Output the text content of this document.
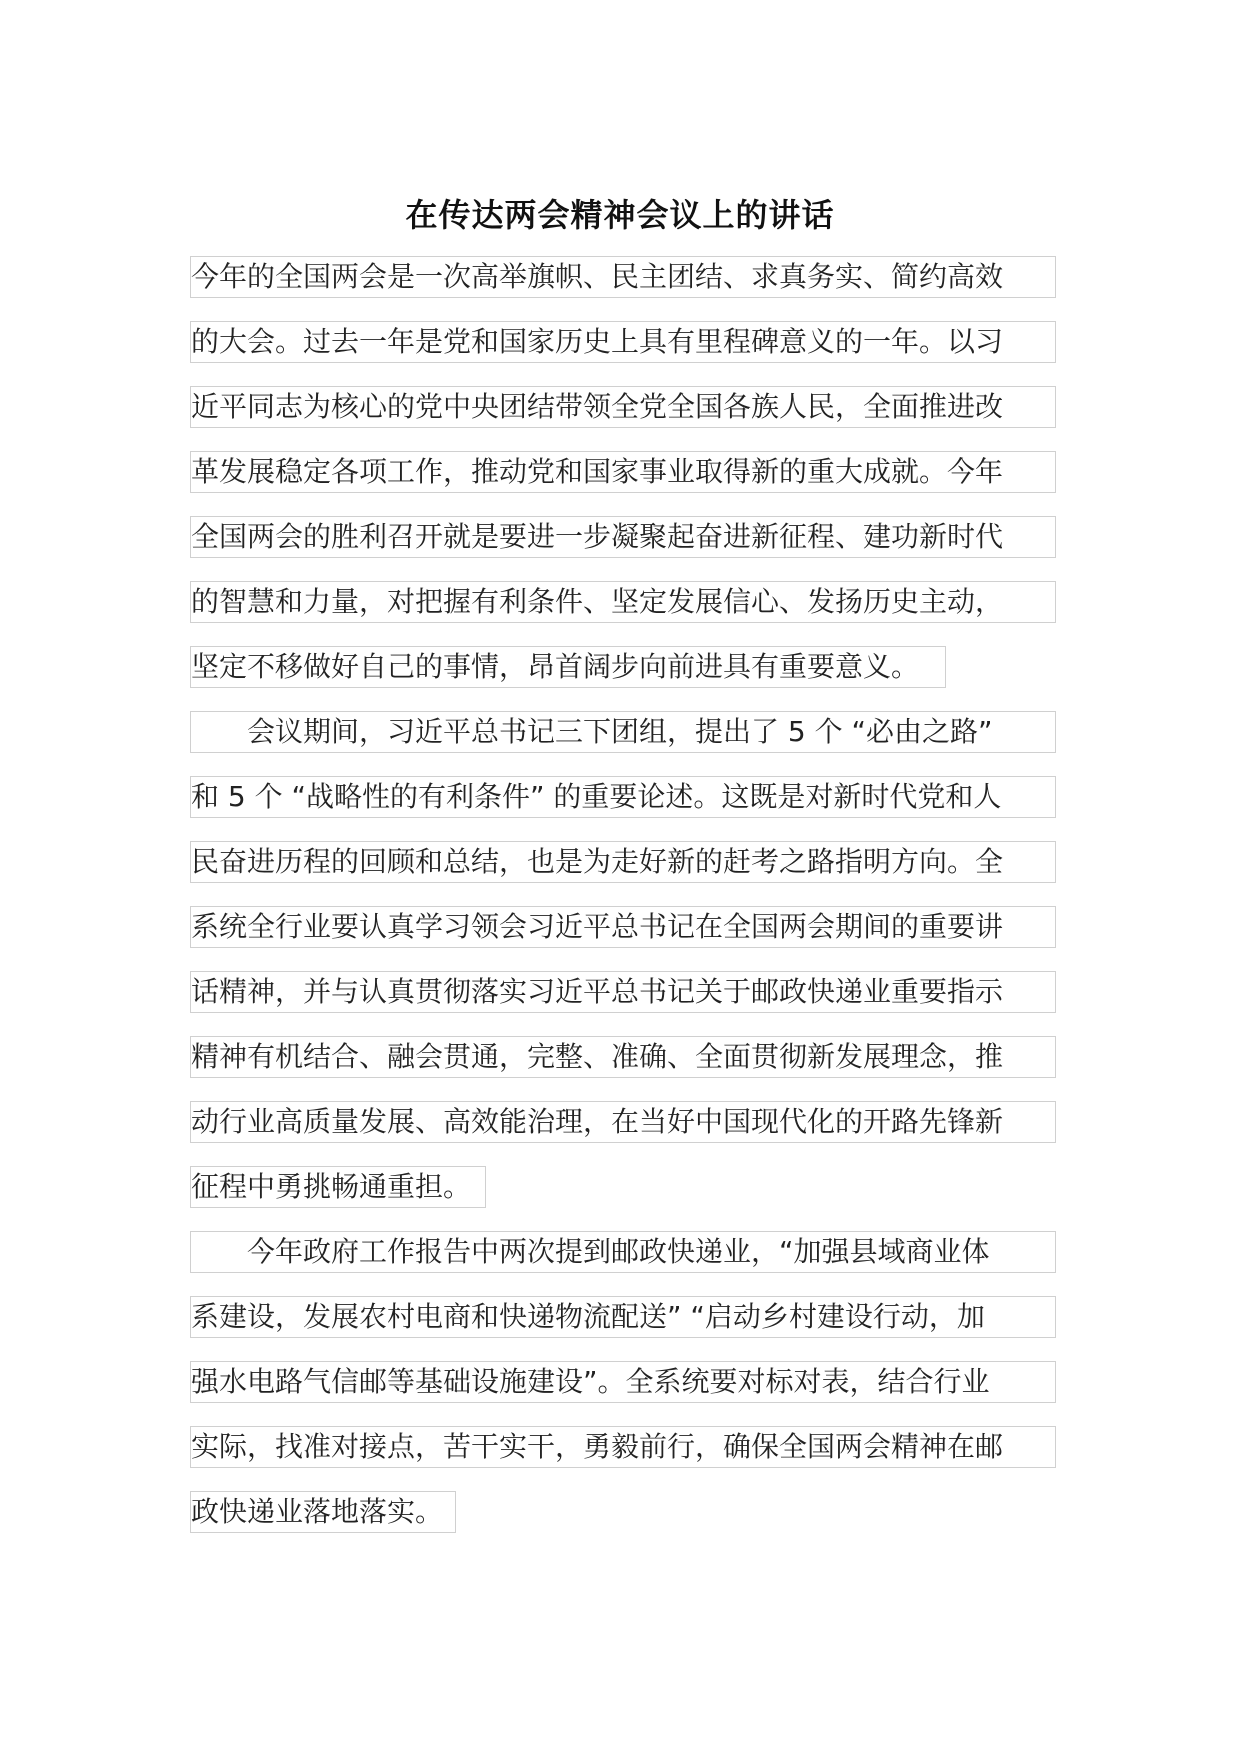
在传达两会精神会议上的讲话
今年的全国两会是一次高举旗帜、民主团结、求真务实、简约高效
的大会。过去一年是党和国家历史上具有里程碑意义的一年。以习
近平同志为核心的党中央团结带领全党全国各族人民，全面推进改
革发展稳定各项工作，推动党和国家事业取得新的重大成就。今年
全国两会的胜利召开就是要进一步凝聚起奋进新征程、建功新时代
的智慧和力量，对把握有利条件、坚定发展信心、发扬历史主动，
坚定不移做好自己的事情，昂首阔步向前进具有重要意义。
会议期间，习近平总书记三下团组，提出了 5 个 “必由之路”
和 5 个 “战略性的有利条件” 的重要论述。这既是对新时代党和人
民奋进历程的回顾和总结，也是为走好新的赶考之路指明方向。全
系统全行业要认真学习领会习近平总书记在全国两会期间的重要讲
话精神，并与认真贯彻落实习近平总书记关于邮政快递业重要指示
精神有机结合、融会贯通，完整、准确、全面贯彻新发展理念，推
动行业高质量发展、高效能治理，在当好中国现代化的开路先锋新
征程中勇挑畅通重担。
今年政府工作报告中两次提到邮政快递业，“加强县域商业体
系建设，发展农村电商和快递物流配送” “启动乡村建设行动，加
强水电路气信邮等基础设施建设”。全系统要对标对表，结合行业
实际，找准对接点，苦干实干，勇毅前行，确保全国两会精神在邮
政快递业落地落实。
